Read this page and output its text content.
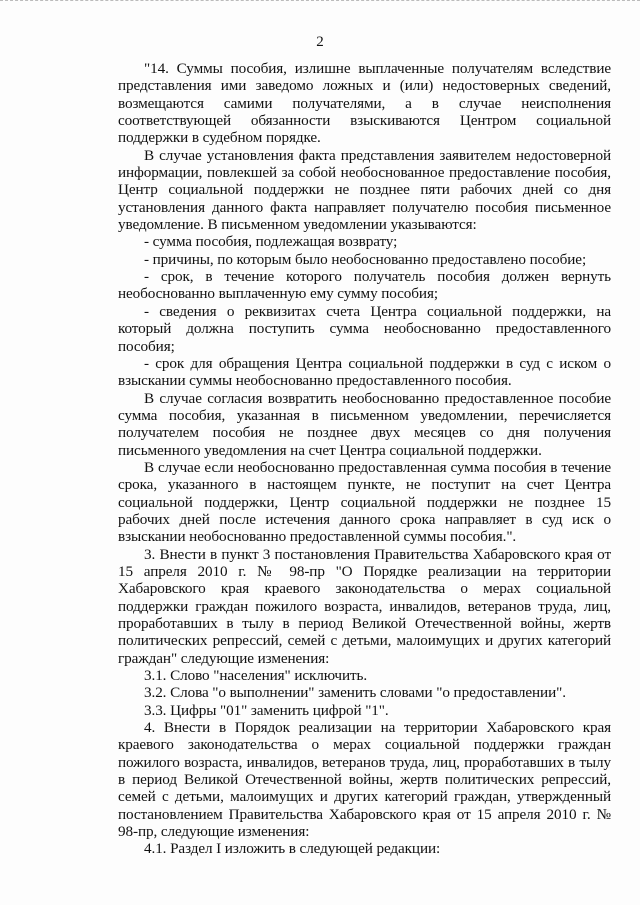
2

"14. Суммы пособия, излишне выплаченные получателям вследствие представления ими заведомо ложных и (или) недостоверных сведений, возмещаются самими получателями, а в случае неисполнения соответствующей обязанности взыскиваются Центром социальной поддержки в судебном порядке.

В случае установления факта представления заявителем недостоверной информации, повлекшей за собой необоснованное предоставление пособия, Центр социальной поддержки не позднее пяти рабочих дней со дня установления данного факта направляет получателю пособия письменное уведомление. В письменном уведомлении указываются:

- сумма пособия, подлежащая возврату;

- причины, по которым было необоснованно предоставлено пособие;

- срок, в течение которого получатель пособия должен вернуть необоснованно выплаченную ему сумму пособия;

- сведения о реквизитах счета Центра социальной поддержки, на который должна поступить сумма необоснованно предоставленного пособия;

- срок для обращения Центра социальной поддержки в суд с иском о взыскании суммы необоснованно предоставленного пособия.

В случае согласия возвратить необоснованно предоставленное пособие сумма пособия, указанная в письменном уведомлении, перечисляется получателем пособия не позднее двух месяцев со дня получения письменного уведомления на счет Центра социальной поддержки.

В случае если необоснованно предоставленная сумма пособия в течение срока, указанного в настоящем пункте, не поступит на счет Центра социальной поддержки, Центр социальной поддержки не позднее 15 рабочих дней после истечения данного срока направляет в суд иск о взыскании необоснованно предоставленной суммы пособия.".

3. Внести в пункт 3 постановления Правительства Хабаровского края от 15 апреля 2010 г. № 98-пр "О Порядке реализации на территории Хабаровского края краевого законодательства о мерах социальной поддержки граждан пожилого возраста, инвалидов, ветеранов труда, лиц, проработавших в тылу в период Великой Отечественной войны, жертв политических репрессий, семей с детьми, малоимущих и других категорий граждан" следующие изменения:

3.1. Слово "населения" исключить.

3.2. Слова "о выполнении" заменить словами "о предоставлении".

3.3. Цифры "01" заменить цифрой "1".

4. Внести в Порядок реализации на территории Хабаровского края краевого законодательства о мерах социальной поддержки граждан пожилого возраста, инвалидов, ветеранов труда, лиц, проработавших в тылу в период Великой Отечественной войны, жертв политических репрессий, семей с детьми, малоимущих и других категорий граждан, утвержденный постановлением Правительства Хабаровского края от 15 апреля 2010 г. № 98-пр, следующие изменения:

4.1. Раздел I изложить в следующей редакции:
